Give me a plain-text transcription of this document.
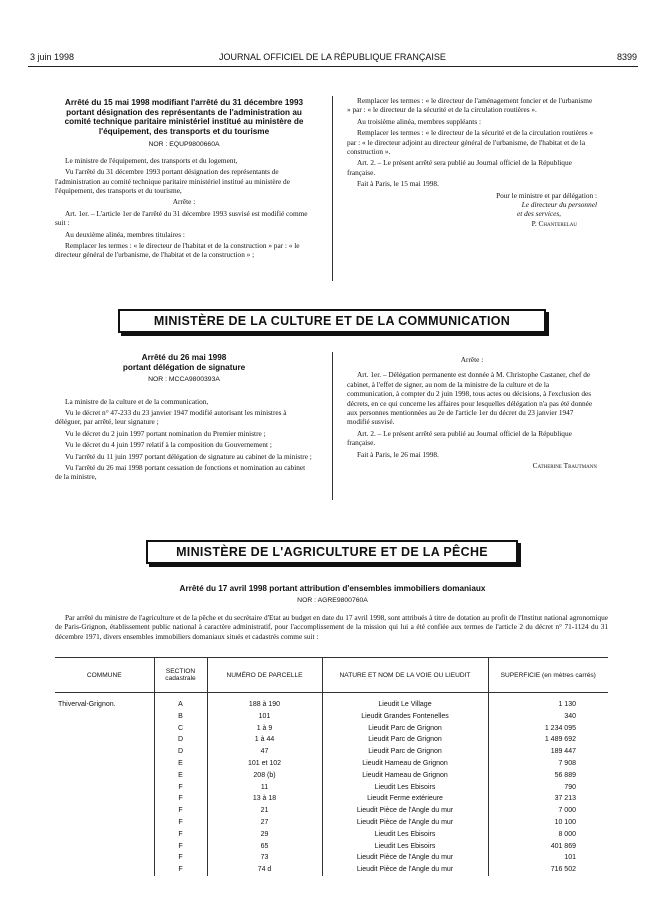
3 juin 1998	JOURNAL OFFICIEL DE LA RÉPUBLIQUE FRANÇAISE	8399
Arrêté du 15 mai 1998 modifiant l'arrêté du 31 décembre 1993 portant désignation des représentants de l'administration au comité technique paritaire ministériel institué au ministère de l'équipement, des transports et du tourisme
NOR : EQUP9800660A

Le ministre de l'équipement, des transports et du logement,

Vu l'arrêté du 31 décembre 1993 portant désignation des représentants de l'administration au comité technique paritaire ministériel institué au ministère de l'équipement, des transports et du tourisme,

Arrête :

Art. 1er. – L'article 1er de l'arrêté du 31 décembre 1993 susvisé est modifié comme suit :

Au deuxième alinéa, membres titulaires :

Remplacer les termes : « le directeur de l'habitat et de la construction » par : « le directeur général de l'urbanisme, de l'habitat et de la construction » ;

Remplacer les termes : « le directeur de l'aménagement foncier et de l'urbanisme » par : « le directeur de la sécurité et de la circulation routières ».

Au troisième alinéa, membres suppléants :

Remplacer les termes : « le directeur de la sécurité et de la circulation routières » par : « le directeur adjoint au directeur général de l'urbanisme, de l'habitat et de la construction ».

Art. 2. – Le présent arrêté sera publié au Journal officiel de la République française.

Fait à Paris, le 15 mai 1998.

Pour le ministre et par délégation :
Le directeur du personnel
et des services,
P. Chanterelau
MINISTÈRE DE LA CULTURE ET DE LA COMMUNICATION
Arrêté du 26 mai 1998
portant délégation de signature
NOR : MCCA9800393A

La ministre de la culture et de la communication,

Vu le décret n° 47-233 du 23 janvier 1947 modifié autorisant les ministres à déléguer, par arrêté, leur signature ;

Vu le décret du 2 juin 1997 portant nomination du Premier ministre ;

Vu le décret du 4 juin 1997 relatif à la composition du Gouvernement ;

Vu l'arrêté du 11 juin 1997 portant délégation de signature au cabinet de la ministre ;

Vu l'arrêté du 26 mai 1998 portant cessation de fonctions et nomination au cabinet de la ministre,

Arrête :

Art. 1er. – Délégation permanente est donnée à M. Christophe Castaner, chef de cabinet, à l'effet de signer, au nom de la ministre de la culture et de la communication, à compter du 2 juin 1998, tous actes ou décisions, à l'exclusion des décrets, en ce qui concerne les affaires pour lesquelles délégation n'a pas été donnée aux personnes mentionnées au 2e de l'article 1er du décret du 23 janvier 1947 modifié susvisé.

Art. 2. – Le présent arrêté sera publié au Journal officiel de la République française.

Fait à Paris, le 26 mai 1998.

Catherine Trautmann
MINISTÈRE DE L'AGRICULTURE ET DE LA PÊCHE
Arrêté du 17 avril 1998 portant attribution d'ensembles immobiliers domaniaux
NOR : AGRE9800760A

Par arrêté du ministre de l'agriculture et de la pêche et du secrétaire d'Etat au budget en date du 17 avril 1998, sont attribués à titre de dotation au profit de l'Institut national agronomique de Paris-Grignon, établissement public national à caractère administratif, pour l'accomplissement de la mission qui lui a été confiée aux termes de l'article 2 du décret n° 71-1124 du 31 décembre 1971, divers ensembles immobiliers domaniaux situés et cadastrés comme suit :

COMMUNE	SECTION cadastrale	NUMÉRO DE PARCELLE	NATURE ET NOM DE LA VOIE OU LIEUDIT	SUPERFICIE (en mètres carrés)
Thiverval-Grignon.	A	188 à 190	Lieudit Le Village	1 130
	B	101	Lieudit Grandes Fontenelles	340
	C	1 à 9	Lieudit Parc de Grignon	1 234 095
	D	1 à 44	Lieudit Parc de Grignon	1 489 692
	D	47	Lieudit Parc de Grignon	189 447
	E	101 et 102	Lieudit Hameau de Grignon	7 908
	E	208 (b)	Lieudit Hameau de Grignon	56 889
	F	11	Lieudit Les Ebisoirs	790
	F	13 à 18	Lieudit Ferme extérieure	37 213
	F	21	Lieudit Pièce de l'Angle du mur	7 000
	F	27	Lieudit Pièce de l'Angle du mur	10 100
	F	29	Lieudit Les Ebisoirs	8 000
	F	65	Lieudit Les Ebisoirs	401 869
	F	73	Lieudit Pièce de l'Angle du mur	101
	F	74 d	Lieudit Pièce de l'Angle du mur	716 502
